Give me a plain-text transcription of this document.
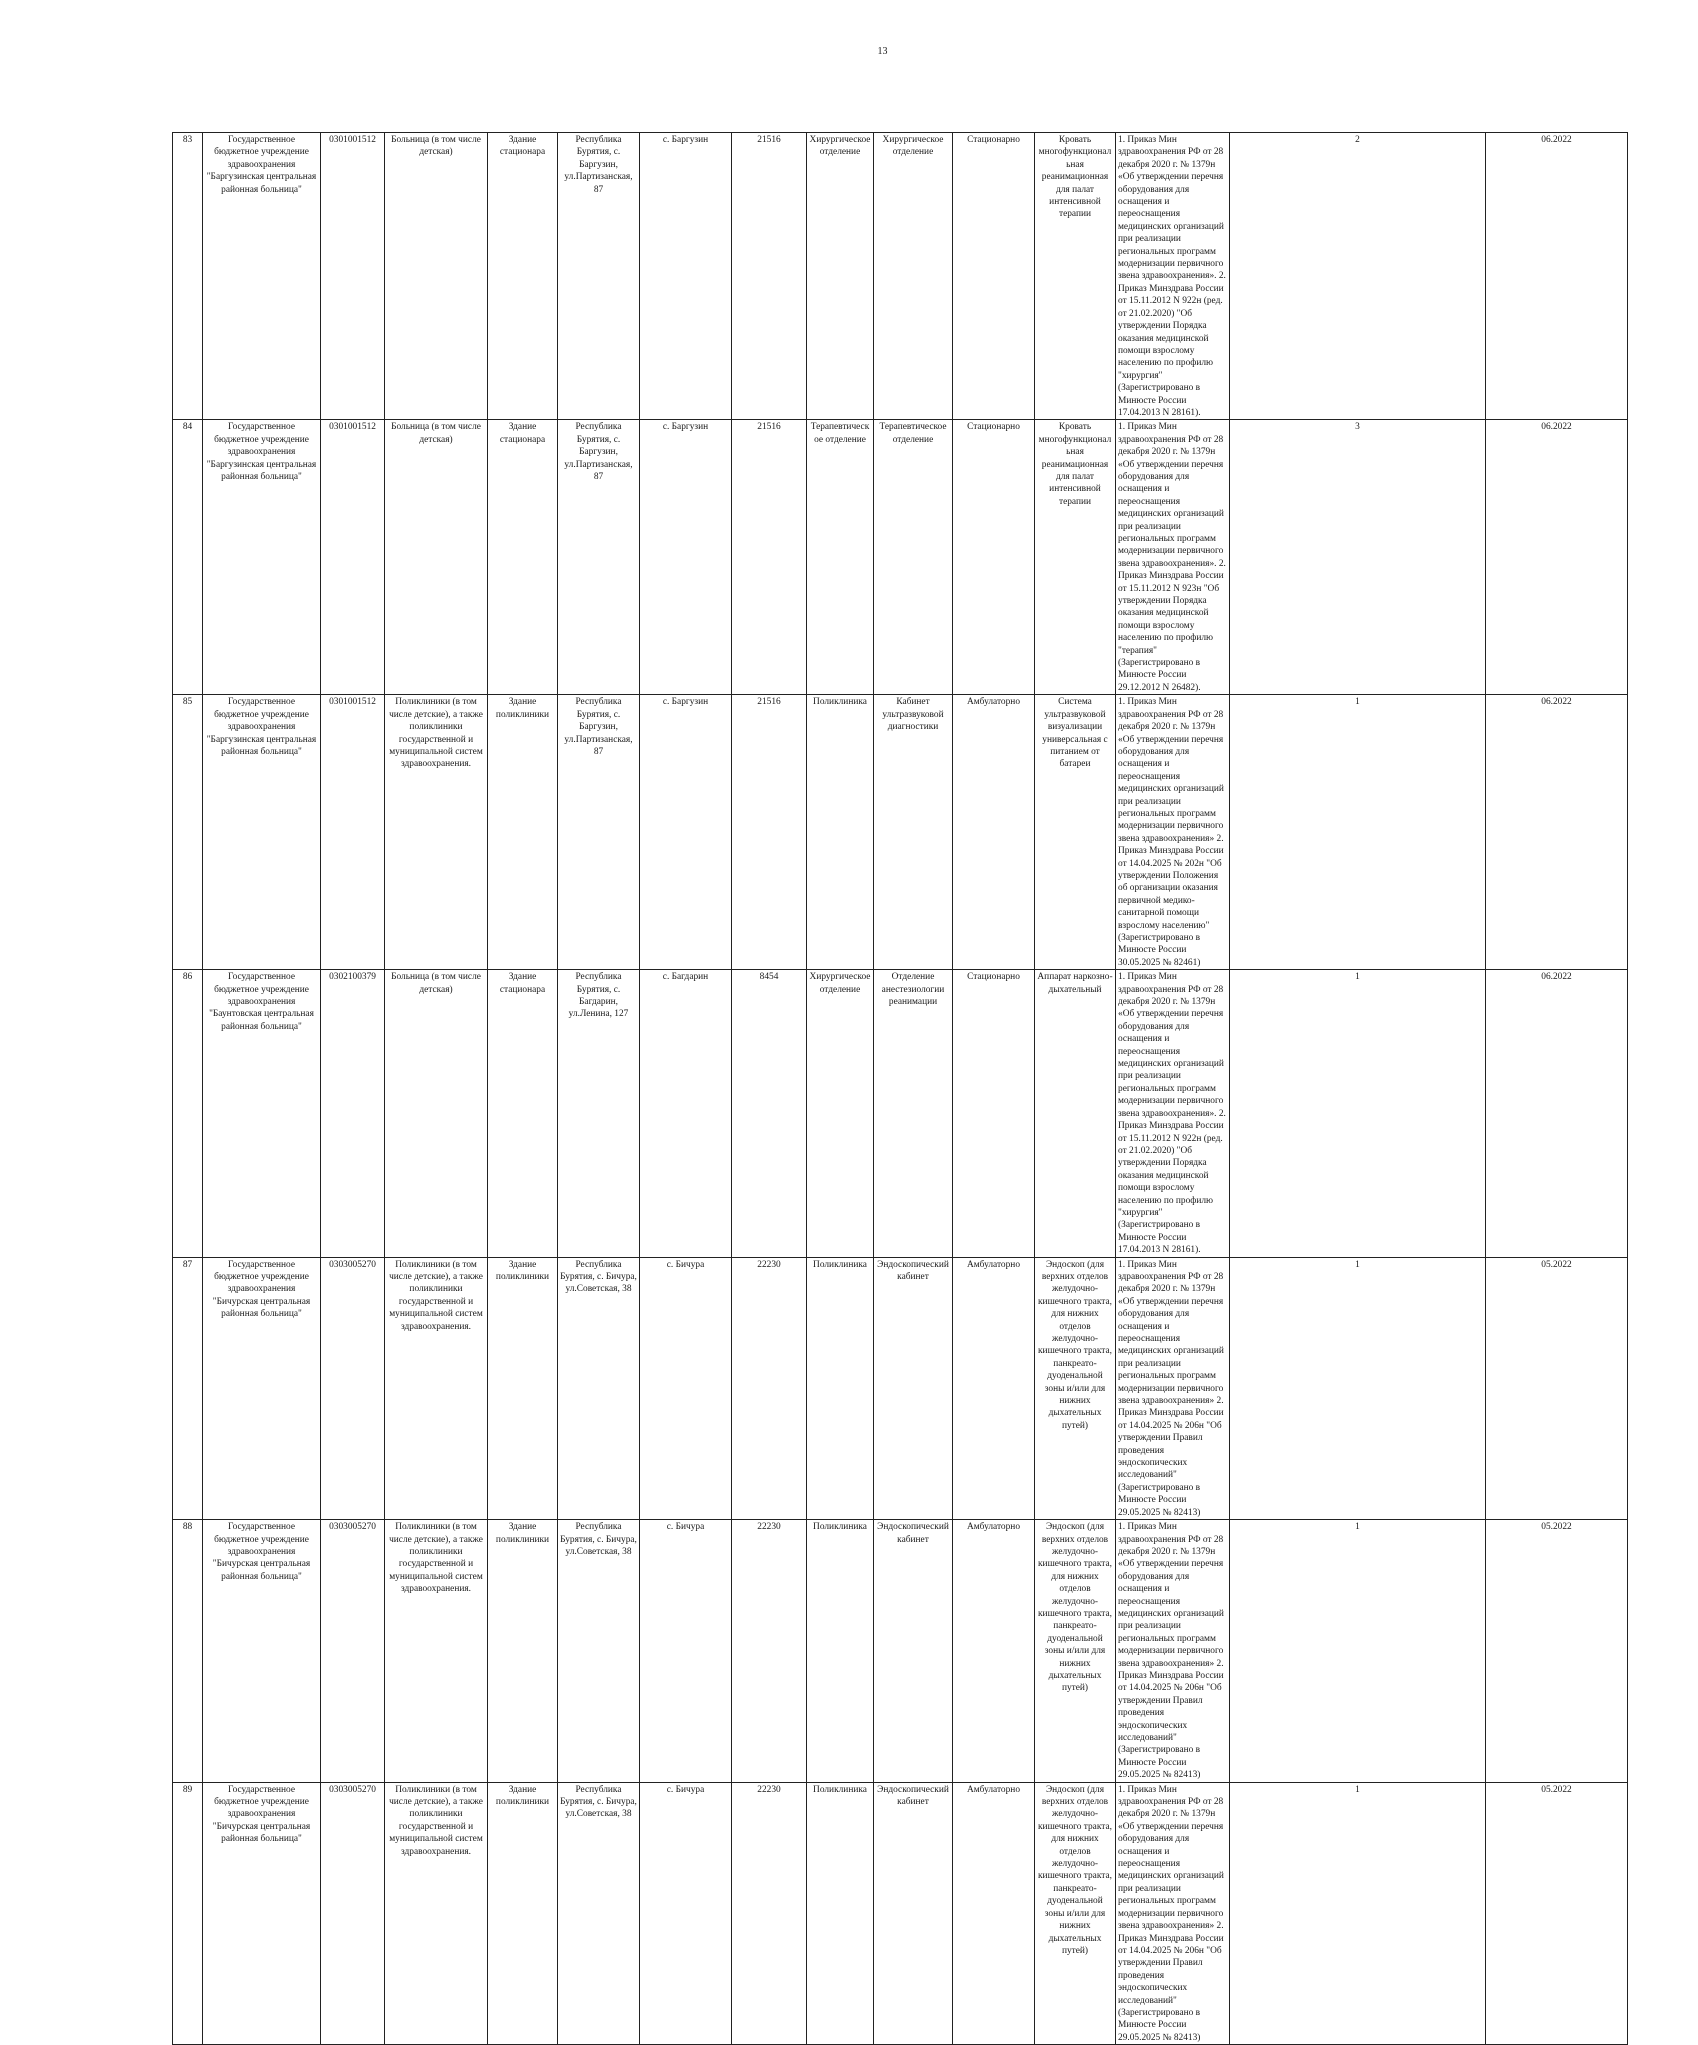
13
83	Государственное бюджетное учреждение здравоохранения "Баргузинская центральная районная больница"	0301001512	Больница (в том числе детская)	Здание стационара	Республика Бурятия, с. Баргузин, ул.Партизанская, 87	с. Баргузин	21516	Хирургическое отделение	Хирургическое отделение	Стационарно	Кровать многофункциональная реанимационная для палат интенсивной терапии	1. Приказ Мин здравоохранения РФ от 28 декабря 2020 г. № 1379н «Об утверждении перечня оборудования для оснащения и переоснащения медицинских организаций при реализации региональных программ модернизации первичного звена здравоохранения». 2. Приказ Минздрава России от 15.11.2012 N 922н (ред. от 21.02.2020) "Об утверждении Порядка оказания медицинской помощи взрослому населению по профилю "хирургия" (Зарегистрировано в Минюсте России 17.04.2013 N 28161).	2	06.2022
84	Государственное бюджетное учреждение здравоохранения "Баргузинская центральная районная больница"	0301001512	Больница (в том числе детская)	Здание стационара	Республика Бурятия, с. Баргузин, ул.Партизанская, 87	с. Баргузин	21516	Терапевтическое отделение	Терапевтическое отделение	Стационарно	Кровать многофункциональная реанимационная для палат интенсивной терапии	1. Приказ Мин здравоохранения РФ от 28 декабря 2020 г. № 1379н «Об утверждении перечня оборудования для оснащения и переоснащения медицинских организаций при реализации региональных программ модернизации первичного звена здравоохранения». 2. Приказ Минздрава России от 15.11.2012 N 923н "Об утверждении Порядка оказания медицинской помощи взрослому населению по профилю "терапия" (Зарегистрировано в Минюсте России 29.12.2012 N 26482).	3	06.2022
85	Государственное бюджетное учреждение здравоохранения "Баргузинская центральная районная больница"	0301001512	Поликлиники (в том числе детские), а также поликлиники государственной и муниципальной систем здравоохранения.	Здание поликлиники	Республика Бурятия, с. Баргузин, ул.Партизанская, 87	с. Баргузин	21516	Поликлиника	Кабинет ультразвуковой диагностики	Амбулаторно	Система ультразвуковой визуализации универсальная с питанием от батареи	1. Приказ Мин здравоохранения РФ от 28 декабря 2020 г. № 1379н «Об утверждении перечня оборудования для оснащения и переоснащения медицинских организаций при реализации региональных программ модернизации первичного звена здравоохранения» 2. Приказ Минздрава России от 14.04.2025 № 202н "Об утверждении Положения об организации оказания первичной медико-санитарной помощи взрослому населению" (Зарегистрировано в Минюсте России 30.05.2025 № 82461)	1	06.2022
86	Государственное бюджетное учреждение здравоохранения "Баунтовская центральная районная больница"	0302100379	Больница (в том числе детская)	Здание стационара	Республика Бурятия, с. Багдарин, ул.Ленина, 127	с. Багдарин	8454	Хирургическое отделение	Отделение анестезиологии реанимации	Стационарно	Аппарат наркозно-дыхательный	1. Приказ Мин здравоохранения РФ от 28 декабря 2020 г. № 1379н «Об утверждении перечня оборудования для оснащения и переоснащения медицинских организаций при реализации региональных программ модернизации первичного звена здравоохранения». 2. Приказ Минздрава России от 15.11.2012 N 922н (ред. от 21.02.2020) "Об утверждении Порядка оказания медицинской помощи взрослому населению по профилю "хирургия" (Зарегистрировано в Минюсте России 17.04.2013 N 28161).	1	06.2022
87	Государственное бюджетное учреждение здравоохранения "Бичурская центральная районная больница"	0303005270	Поликлиники (в том числе детские), а также поликлиники государственной и муниципальной систем здравоохранения.	Здание поликлиники	Республика Бурятия, с. Бичура, ул.Советская, 38	с. Бичура	22230	Поликлиника	Эндоскопический кабинет	Амбулаторно	Эндоскоп (для верхних отделов желудочно-кишечного тракта, для нижних отделов желудочно-кишечного тракта, панкреато-дуоденальной зоны и/или для нижних дыхательных путей)	1. Приказ Мин здравоохранения РФ от 28 декабря 2020 г. № 1379н «Об утверждении перечня оборудования для оснащения и переоснащения медицинских организаций при реализации региональных программ модернизации первичного звена здравоохранения» 2. Приказ Минздрава России от 14.04.2025 № 206н "Об утверждении Правил проведения эндоскопических исследований" (Зарегистрировано в Минюсте России 29.05.2025 № 82413)	1	05.2022
88	Государственное бюджетное учреждение здравоохранения "Бичурская центральная районная больница"	0303005270	Поликлиники (в том числе детские), а также поликлиники государственной и муниципальной систем здравоохранения.	Здание поликлиники	Республика Бурятия, с. Бичура, ул.Советская, 38	с. Бичура	22230	Поликлиника	Эндоскопический кабинет	Амбулаторно	Эндоскоп (для верхних отделов желудочно-кишечного тракта, для нижних отделов желудочно-кишечного тракта, панкреато-дуоденальной зоны и/или для нижних дыхательных путей)	1. Приказ Мин здравоохранения РФ от 28 декабря 2020 г. № 1379н «Об утверждении перечня оборудования для оснащения и переоснащения медицинских организаций при реализации региональных программ модернизации первичного звена здравоохранения» 2. Приказ Минздрава России от 14.04.2025 № 206н "Об утверждении Правил проведения эндоскопических исследований" (Зарегистрировано в Минюсте России 29.05.2025 № 82413)	1	05.2022
89	Государственное бюджетное учреждение здравоохранения "Бичурская центральная районная больница"	0303005270	Поликлиники (в том числе детские), а также поликлиники государственной и муниципальной систем здравоохранения.	Здание поликлиники	Республика Бурятия, с. Бичура, ул.Советская, 38	с. Бичура	22230	Поликлиника	Эндоскопический кабинет	Амбулаторно	Эндоскоп (для верхних отделов желудочно-кишечного тракта, для нижних отделов желудочно-кишечного тракта, панкреато-дуоденальной зоны и/или для нижних дыхательных путей)	1. Приказ Мин здравоохранения РФ от 28 декабря 2020 г. № 1379н «Об утверждении перечня оборудования для оснащения и переоснащения медицинских организаций при реализации региональных программ модернизации первичного звена здравоохранения» 2. Приказ Минздрава России от 14.04.2025 № 206н "Об утверждении Правил проведения эндоскопических исследований" (Зарегистрировано в Минюсте России 29.05.2025 № 82413)	1	05.2022
